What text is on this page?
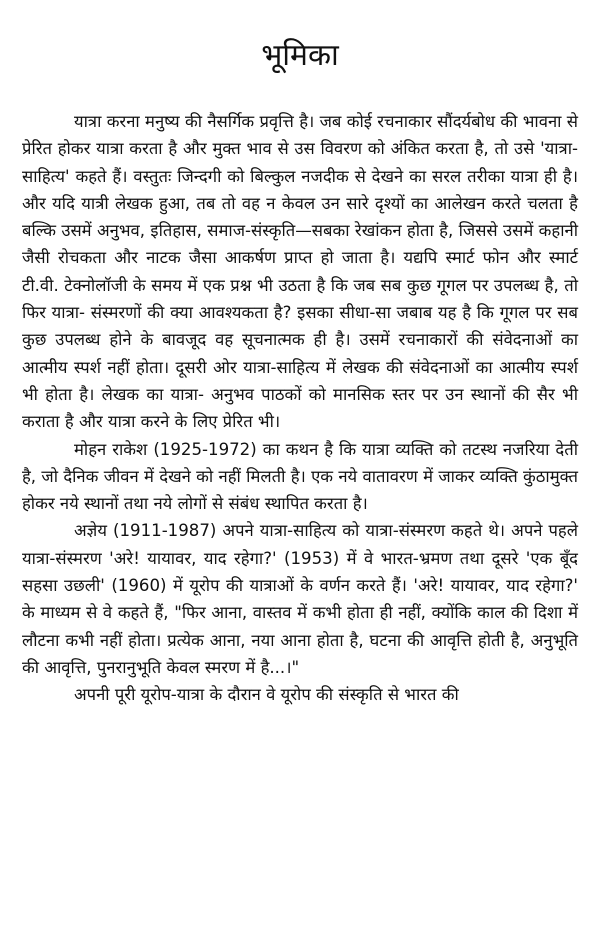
भूमिका

यात्रा करना मनुष्य की नैसर्गिक प्रवृत्ति है। जब कोई रचनाकार सौंदर्यबोध की भावना से प्रेरित होकर यात्रा करता है और मुक्त भाव से उस विवरण को अंकित करता है, तो उसे 'यात्रा-साहित्य' कहते हैं। वस्तुतः जिन्दगी को बिल्कुल नजदीक से देखने का सरल तरीका यात्रा ही है। और यदि यात्री लेखक हुआ, तब तो वह न केवल उन सारे दृश्यों का आलेखन करते चलता है बल्कि उसमें अनुभव, इतिहास, समाज-संस्कृति—सबका रेखांकन होता है, जिससे उसमें कहानी जैसी रोचकता और नाटक जैसा आकर्षण प्राप्त हो जाता है। यद्यपि स्मार्ट फोन और स्मार्ट टी.वी. टेक्नोलॉजी के समय में एक प्रश्न भी उठता है कि जब सब कुछ गूगल पर उपलब्ध है, तो फिर यात्रा- संस्मरणों की क्या आवश्यकता है? इसका सीधा-सा जबाब यह है कि गूगल पर सब कुछ उपलब्ध होने के बावजूद वह सूचनात्मक ही है। उसमें रचनाकारों की संवेदनाओं का आत्मीय स्पर्श नहीं होता। दूसरी ओर यात्रा-साहित्य में लेखक की संवेदनाओं का आत्मीय स्पर्श भी होता है। लेखक का यात्रा- अनुभव पाठकों को मानसिक स्तर पर उन स्थानों की सैर भी कराता है और यात्रा करने के लिए प्रेरित भी।

मोहन राकेश (1925-1972) का कथन है कि यात्रा व्यक्ति को तटस्थ नजरिया देती है, जो दैनिक जीवन में देखने को नहीं मिलती है। एक नये वातावरण में जाकर व्यक्ति कुंठामुक्त होकर नये स्थानों तथा नये लोगों से संबंध स्थापित करता है।

अज्ञेय (1911-1987) अपने यात्रा-साहित्य को यात्रा-संस्मरण कहते थे। अपने पहले यात्रा-संस्मरण 'अरे! यायावर, याद रहेगा?' (1953) में वे भारत-भ्रमण तथा दूसरे 'एक बूँद सहसा उछली' (1960) में यूरोप की यात्राओं के वर्णन करते हैं। 'अरे! यायावर, याद रहेगा?' के माध्यम से वे कहते हैं, "फिर आना, वास्तव में कभी होता ही नहीं, क्योंकि काल की दिशा में लौटना कभी नहीं होता। प्रत्येक आना, नया आना होता है, घटना की आवृत्ति होती है, अनुभूति की आवृत्ति, पुनरानुभूति केवल स्मरण में है...।"

अपनी पूरी यूरोप-यात्रा के दौरान वे यूरोप की संस्कृति से भारत की
